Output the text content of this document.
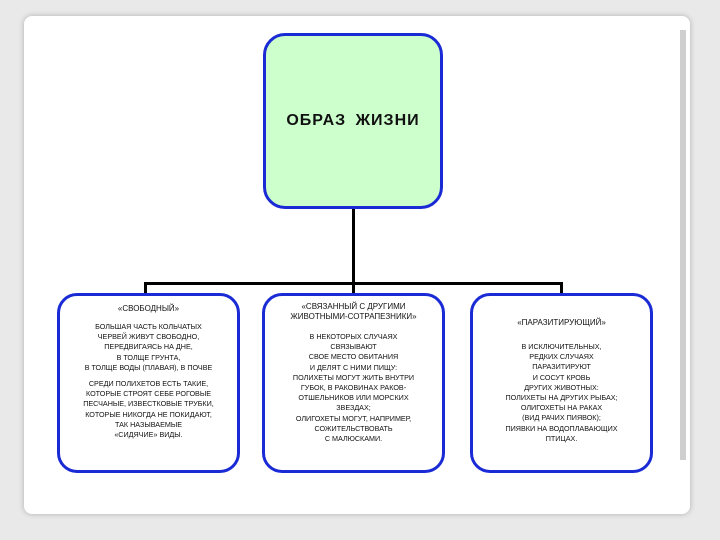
ОБРАЗ ЖИЗНИ
«СВОБОДНЫЙ»
БОЛЬШАЯ ЧАСТЬ КОЛЬЧАТЫХ
ЧЕРВЕЙ ЖИВУТ СВОБОДНО,
ПЕРЕДВИГАЯСЬ НА ДНЕ,
В ТОЛЩЕ ГРУНТА,
В ТОЛЩЕ ВОДЫ (ПЛАВАЯ), В ПОЧВЕ
СРЕДИ ПОЛИХЕТОВ ЕСТЬ ТАКИЕ,
КОТОРЫЕ СТРОЯТ СЕБЕ РОГОВЫЕ
ПЕСЧАНЫЕ, ИЗВЕСТКОВЫЕ ТРУБКИ,
КОТОРЫЕ НИКОГДА НЕ ПОКИДАЮТ,
ТАК НАЗЫВАЕМЫЕ
«СИДЯЧИЕ» ВИДЫ.
«СВЯЗАННЫЙ С ДРУГИМИ
ЖИВОТНЫМИ-СОТРАПЕЗНИКИ»
В НЕКОТОРЫХ СЛУЧАЯХ
СВЯЗЫВАЮТ
СВОЕ МЕСТО ОБИТАНИЯ
И ДЕЛЯТ С НИМИ ПИЩУ:
ПОЛИХЕТЫ МОГУТ ЖИТЬ ВНУТРИ
ГУБОК, В РАКОВИНАХ РАКОВ-
ОТШЕЛЬНИКОВ ИЛИ МОРСКИХ
ЗВЕЗДАХ;
ОЛИГОХЕТЫ МОГУТ, НАПРИМЕР,
СОЖИТЕЛЬСТВОВАТЬ
С МАЛЮСКАМИ.
«ПАРАЗИТИРУЮЩИЙ»
В ИСКЛЮЧИТЕЛЬНЫХ,
РЕДКИХ СЛУЧАЯХ
ПАРАЗИТИРУЮТ
И СОСУТ КРОВЬ
ДРУГИХ ЖИВОТНЫХ:
ПОЛИХЕТЫ НА ДРУГИХ РЫБАХ;
ОЛИГОХЕТЫ НА РАКАХ
(ВИД РАЧИХ ПИЯВОК);
ПИЯВКИ НА ВОДОПЛАВАЮЩИХ
ПТИЦАХ.
